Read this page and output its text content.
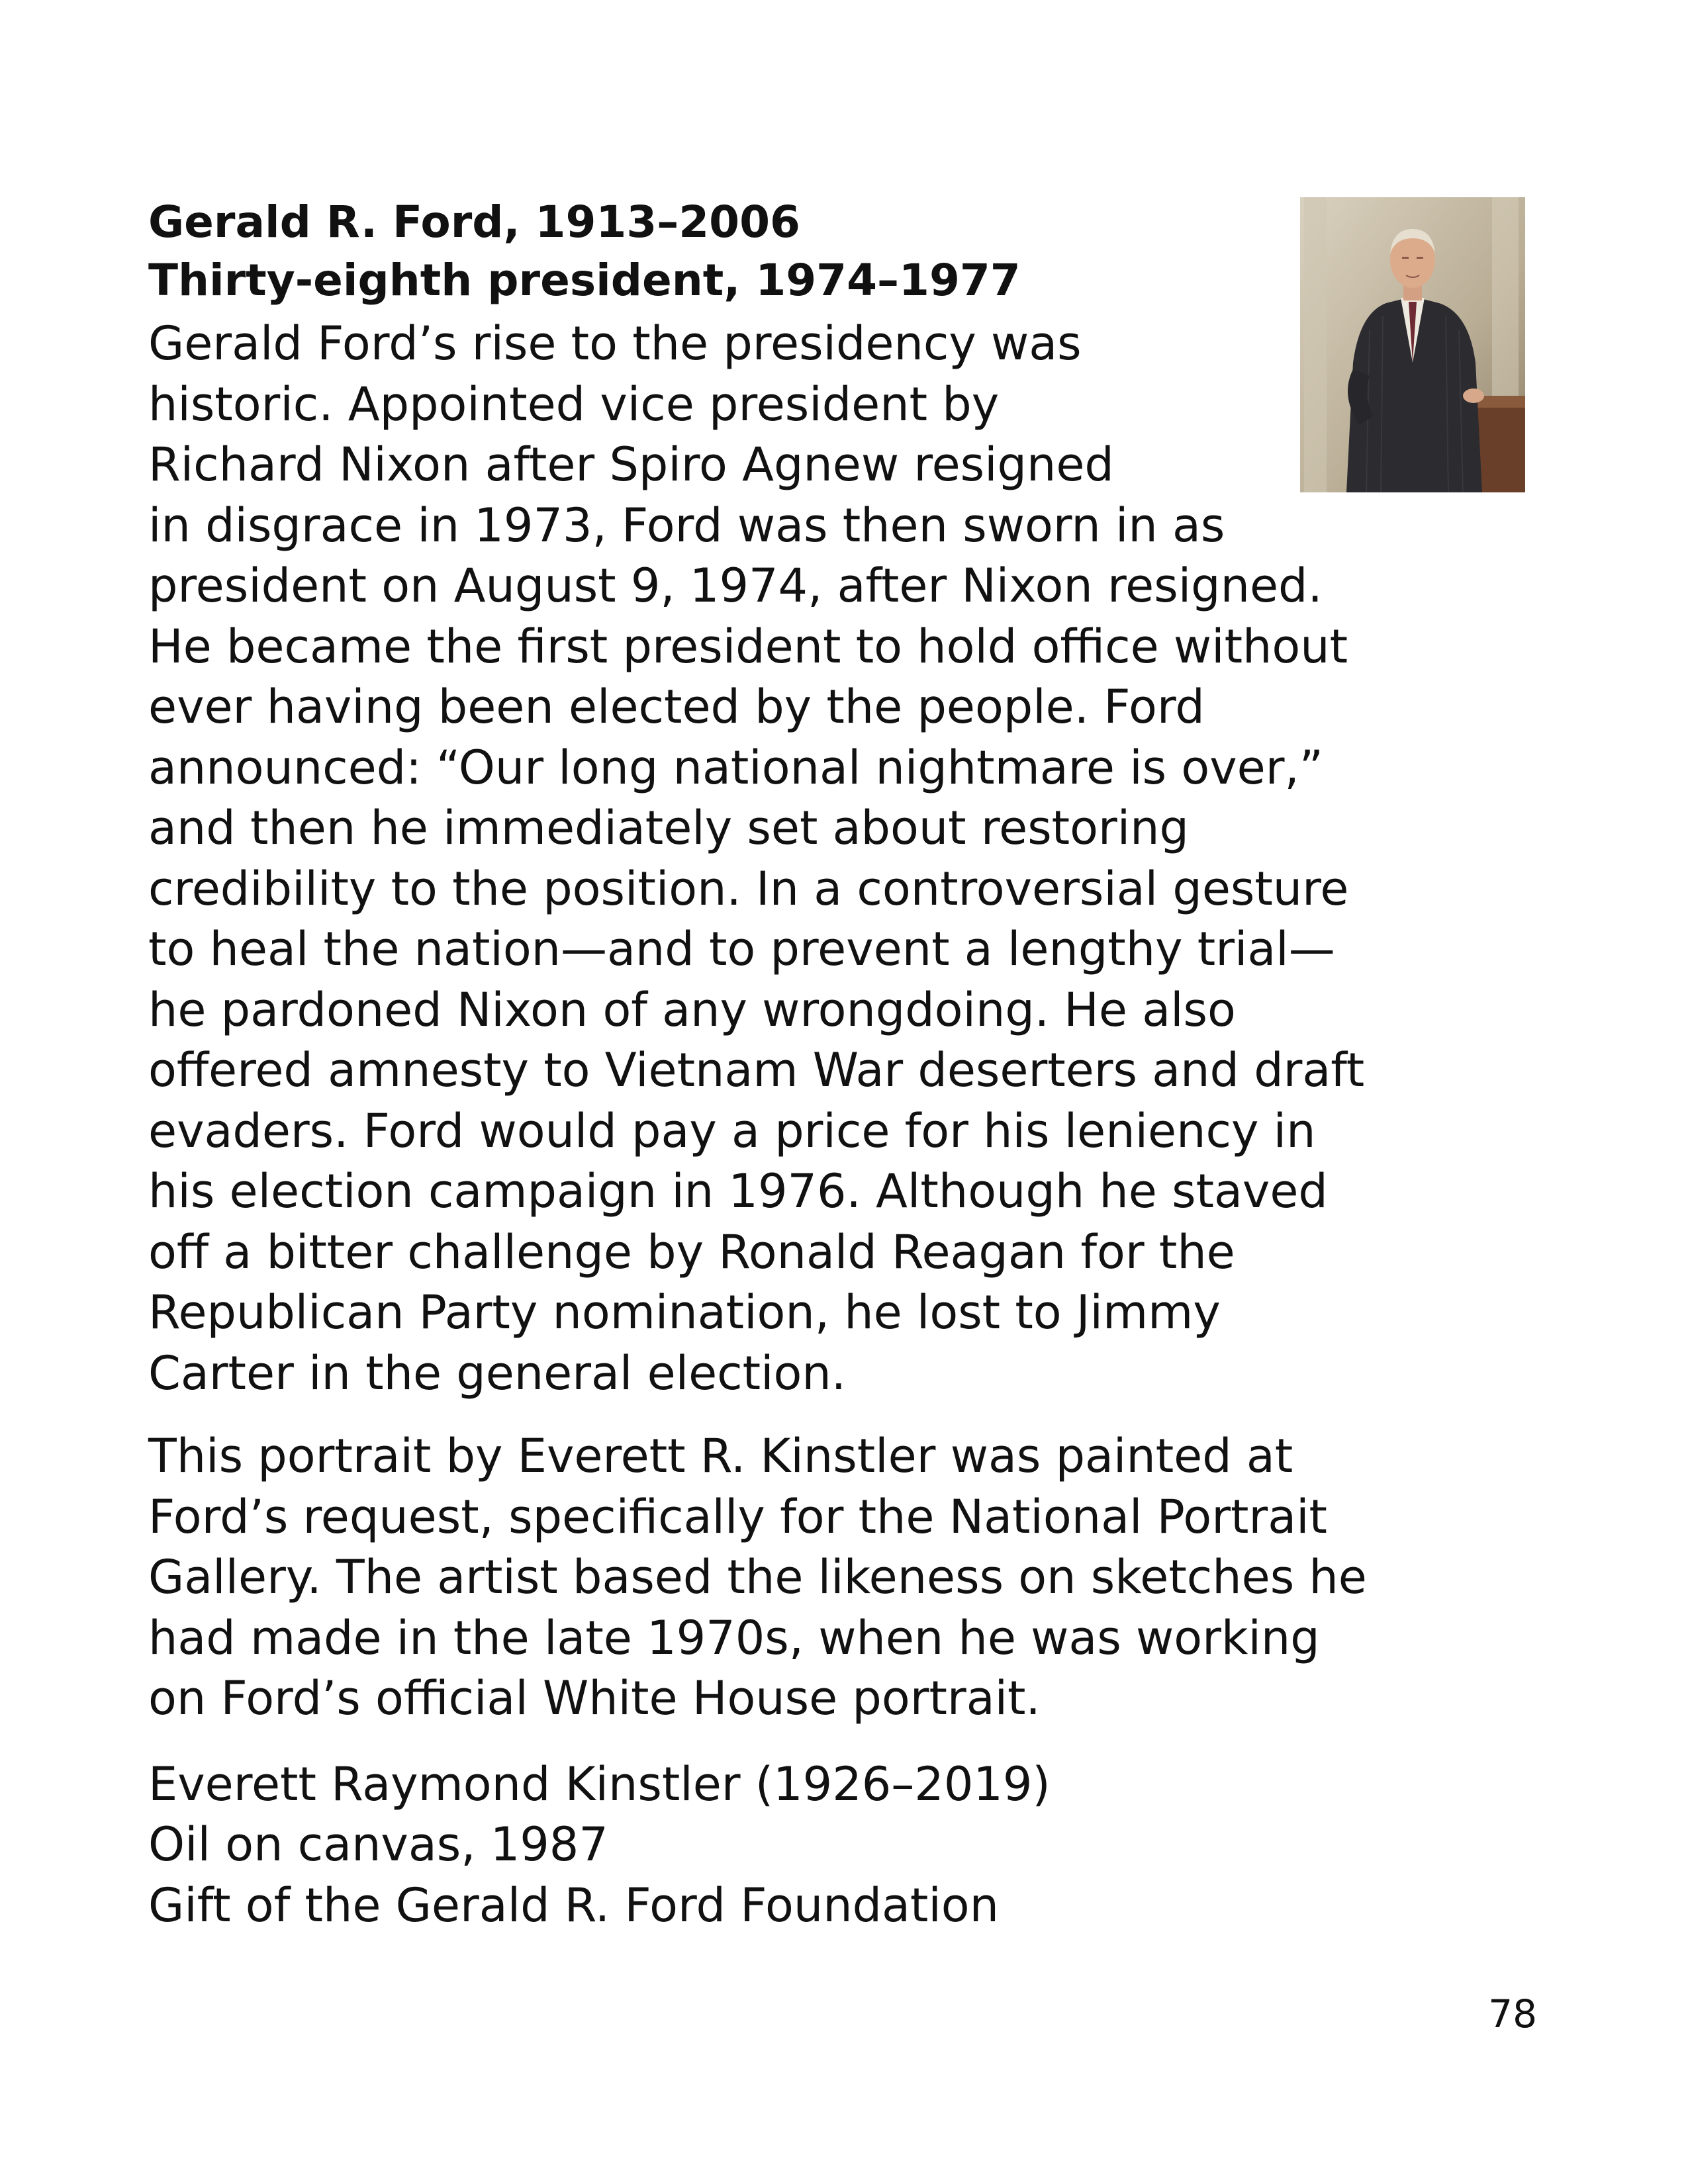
Gerald R. Ford, 1913–2006
Thirty-eighth president, 1974–1977

Gerald Ford’s rise to the presidency was
historic. Appointed vice president by
Richard Nixon after Spiro Agnew resigned
in disgrace in 1973, Ford was then sworn in as
president on August 9, 1974, after Nixon resigned.
He became the first president to hold office without
ever having been elected by the people. Ford
announced: “Our long national nightmare is over,”
and then he immediately set about restoring
credibility to the position. In a controversial gesture
to heal the nation—and to prevent a lengthy trial—
he pardoned Nixon of any wrongdoing. He also
offered amnesty to Vietnam War deserters and draft
evaders. Ford would pay a price for his leniency in
his election campaign in 1976. Although he staved
off a bitter challenge by Ronald Reagan for the
Republican Party nomination, he lost to Jimmy
Carter in the general election.

This portrait by Everett R. Kinstler was painted at
Ford’s request, specifically for the National Portrait
Gallery. The artist based the likeness on sketches he
had made in the late 1970s, when he was working
on Ford’s official White House portrait.

Everett Raymond Kinstler (1926–2019)
Oil on canvas, 1987
Gift of the Gerald R. Ford Foundation
78
